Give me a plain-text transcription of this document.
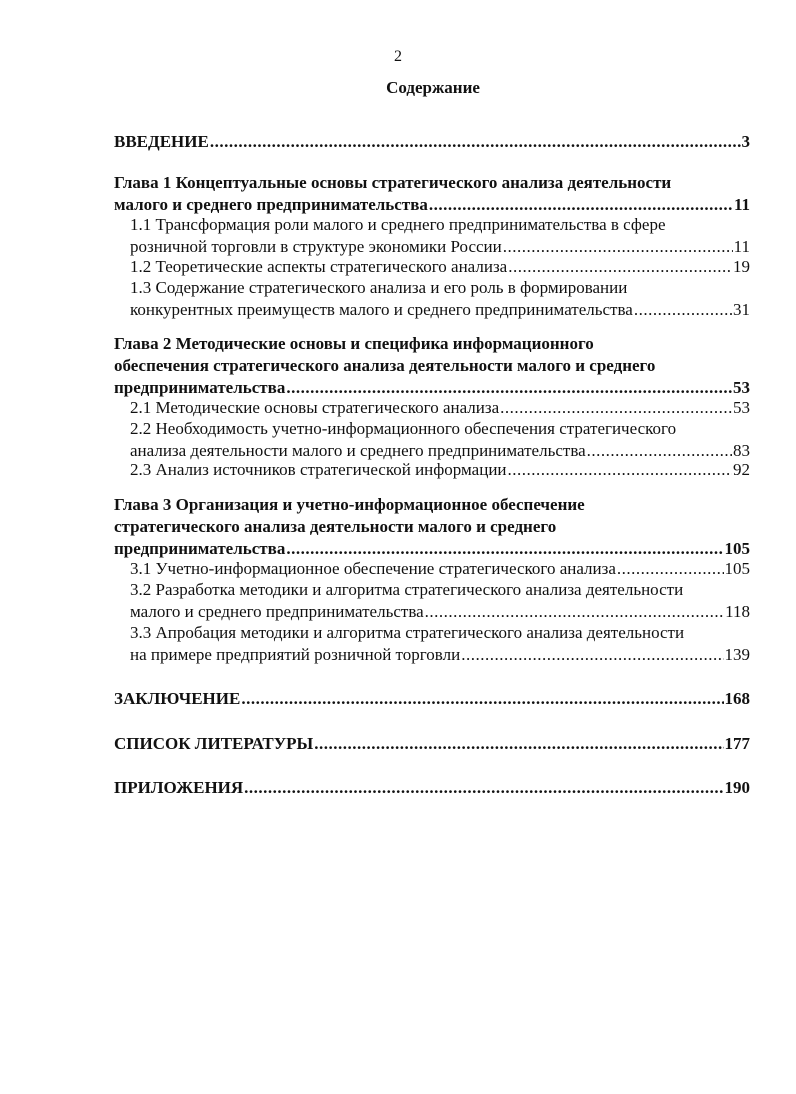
2
Содержание
ВВЕДЕНИЕ .....	3
Глава 1 Концептуальные основы стратегического анализа деятельности
малого и среднего предпринимательства .....	11
1.1 Трансформация роли малого и среднего предпринимательства в сфере
розничной торговли в структуре экономики России .....	11
1.2 Теоретические аспекты стратегического анализа .....	19
1.3 Содержание стратегического анализа и его роль в формировании
конкурентных преимуществ малого и среднего предпринимательства .....	31
Глава 2 Методические основы и специфика информационного
обеспечения стратегического анализа деятельности малого и среднего
предпринимательства .....	53
2.1 Методические основы стратегического анализа .....	53
2.2 Необходимость учетно-информационного обеспечения стратегического
анализа деятельности малого и среднего предпринимательства .....	83
2.3 Анализ источников стратегической информации .....	92
Глава 3 Организация и учетно-информационное обеспечение
стратегического анализа деятельности малого и среднего
предпринимательства .....	105
3.1 Учетно-информационное обеспечение стратегического анализа .....	105
3.2 Разработка методики и алгоритма стратегического анализа деятельности
малого и среднего предпринимательства .....	118
3.3 Апробация методики и алгоритма стратегического анализа деятельности
на примере предприятий розничной торговли .....	139
ЗАКЛЮЧЕНИЕ .....	168
СПИСОК ЛИТЕРАТУРЫ .....	177
ПРИЛОЖЕНИЯ .....	190
